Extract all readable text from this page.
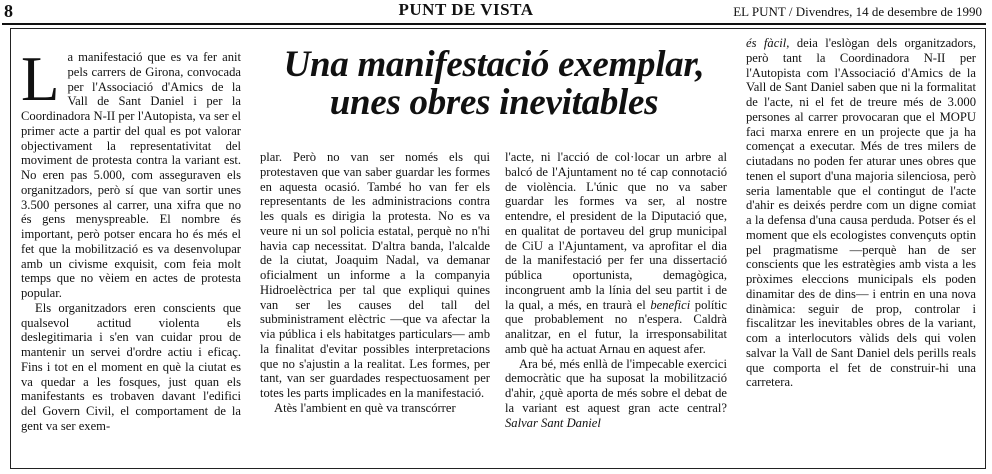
8	PUNT DE VISTA	EL PUNT / Divendres, 14 de desembre de 1990
Una manifestació exemplar,
unes obres inevitables

La manifestació que es va fer anit pels carrers de Girona, convocada per l'Associació d'Amics de la Vall de Sant Daniel i per la Coordinadora N-II per l'Autopista, va ser el primer acte a partir del qual es pot valorar objectivament la representativitat del moviment de protesta contra la variant est. No eren pas 5.000, com asseguraven els organitzadors, però sí que van sortir unes 3.500 persones al carrer, una xifra que no és gens menyspreable. El nombre és important, però potser encara ho és més el fet que la mobilització es va desenvolupar amb un civisme exquisit, com feia molt temps que no vèiem en actes de protesta popular.

Els organitzadors eren conscients que qualsevol actitud violenta els deslegitimaria i s'en van cuidar prou de mantenir un servei d'ordre actiu i eficaç. Fins i tot en el moment en què la ciutat es va quedar a les fosques, just quan els manifestants es trobaven davant l'edifici del Govern Civil, el comportament de la gent va ser exem-

plar. Però no van ser només els qui protestaven que van saber guardar les formes en aquesta ocasió. També ho van fer els representants de les administracions contra les quals es dirigia la protesta. No es va veure ni un sol policia estatal, perquè no n'hi havia cap necessitat. D'altra banda, l'alcalde de la ciutat, Joaquim Nadal, va demanar oficialment un informe a la companyia Hidroelèctrica per tal que expliqui quines van ser les causes del tall del subministrament elèctric —que va afectar la via pública i els habitatges particulars— amb la finalitat d'evitar possibles interpretacions que no s'ajustin a la realitat. Les formes, per tant, van ser guardades respectuosament per totes les parts implicades en la manifestació.

Atès l'ambient en què va transcórrer

l'acte, ni l'acció de col·locar un arbre al balcó de l'Ajuntament no té cap connotació de violència. L'únic que no va saber guardar les formes va ser, al nostre entendre, el president de la Diputació que, en qualitat de portaveu del grup municipal de CiU a l'Ajuntament, va aprofitar el dia de la manifestació per fer una dissertació pública oportunista, demagògica, incongruent amb la línia del seu partit i de la qual, a més, en traurà el benefici polític que probablement no n'espera. Caldrà analitzar, en el futur, la irresponsabilitat amb què ha actuat Arnau en aquest afer.

Ara bé, més enllà de l'impecable exercici democràtic que ha suposat la mobilització d'ahir, ¿què aporta de més sobre el debat de la variant est aquest gran acte central? Salvar Sant Daniel

és fàcil, deia l'eslògan dels organitzadors, però tant la Coordinadora N-II per l'Autopista com l'Associació d'Amics de la Vall de Sant Daniel saben que ni la formalitat de l'acte, ni el fet de treure més de 3.000 persones al carrer provocaran que el MOPU faci marxa enrere en un projecte que ja ha començat a executar. Més de tres milers de ciutadans no poden fer aturar unes obres que tenen el suport d'una majoria silenciosa, però seria lamentable que el contingut de l'acte d'ahir es deixés perdre com un digne comiat a la defensa d'una causa perduda. Potser és el moment que els ecologistes convençuts optin pel pragmatisme —perquè han de ser conscients que les estratègies amb vista a les pròximes eleccions municipals els poden dinamitar des de dins— i entrin en una nova dinàmica: seguir de prop, controlar i fiscalitzar les inevitables obres de la variant, com a interlocutors vàlids dels qui volen salvar la Vall de Sant Daniel dels perills reals que comporta el fet de construir-hi una carretera.
